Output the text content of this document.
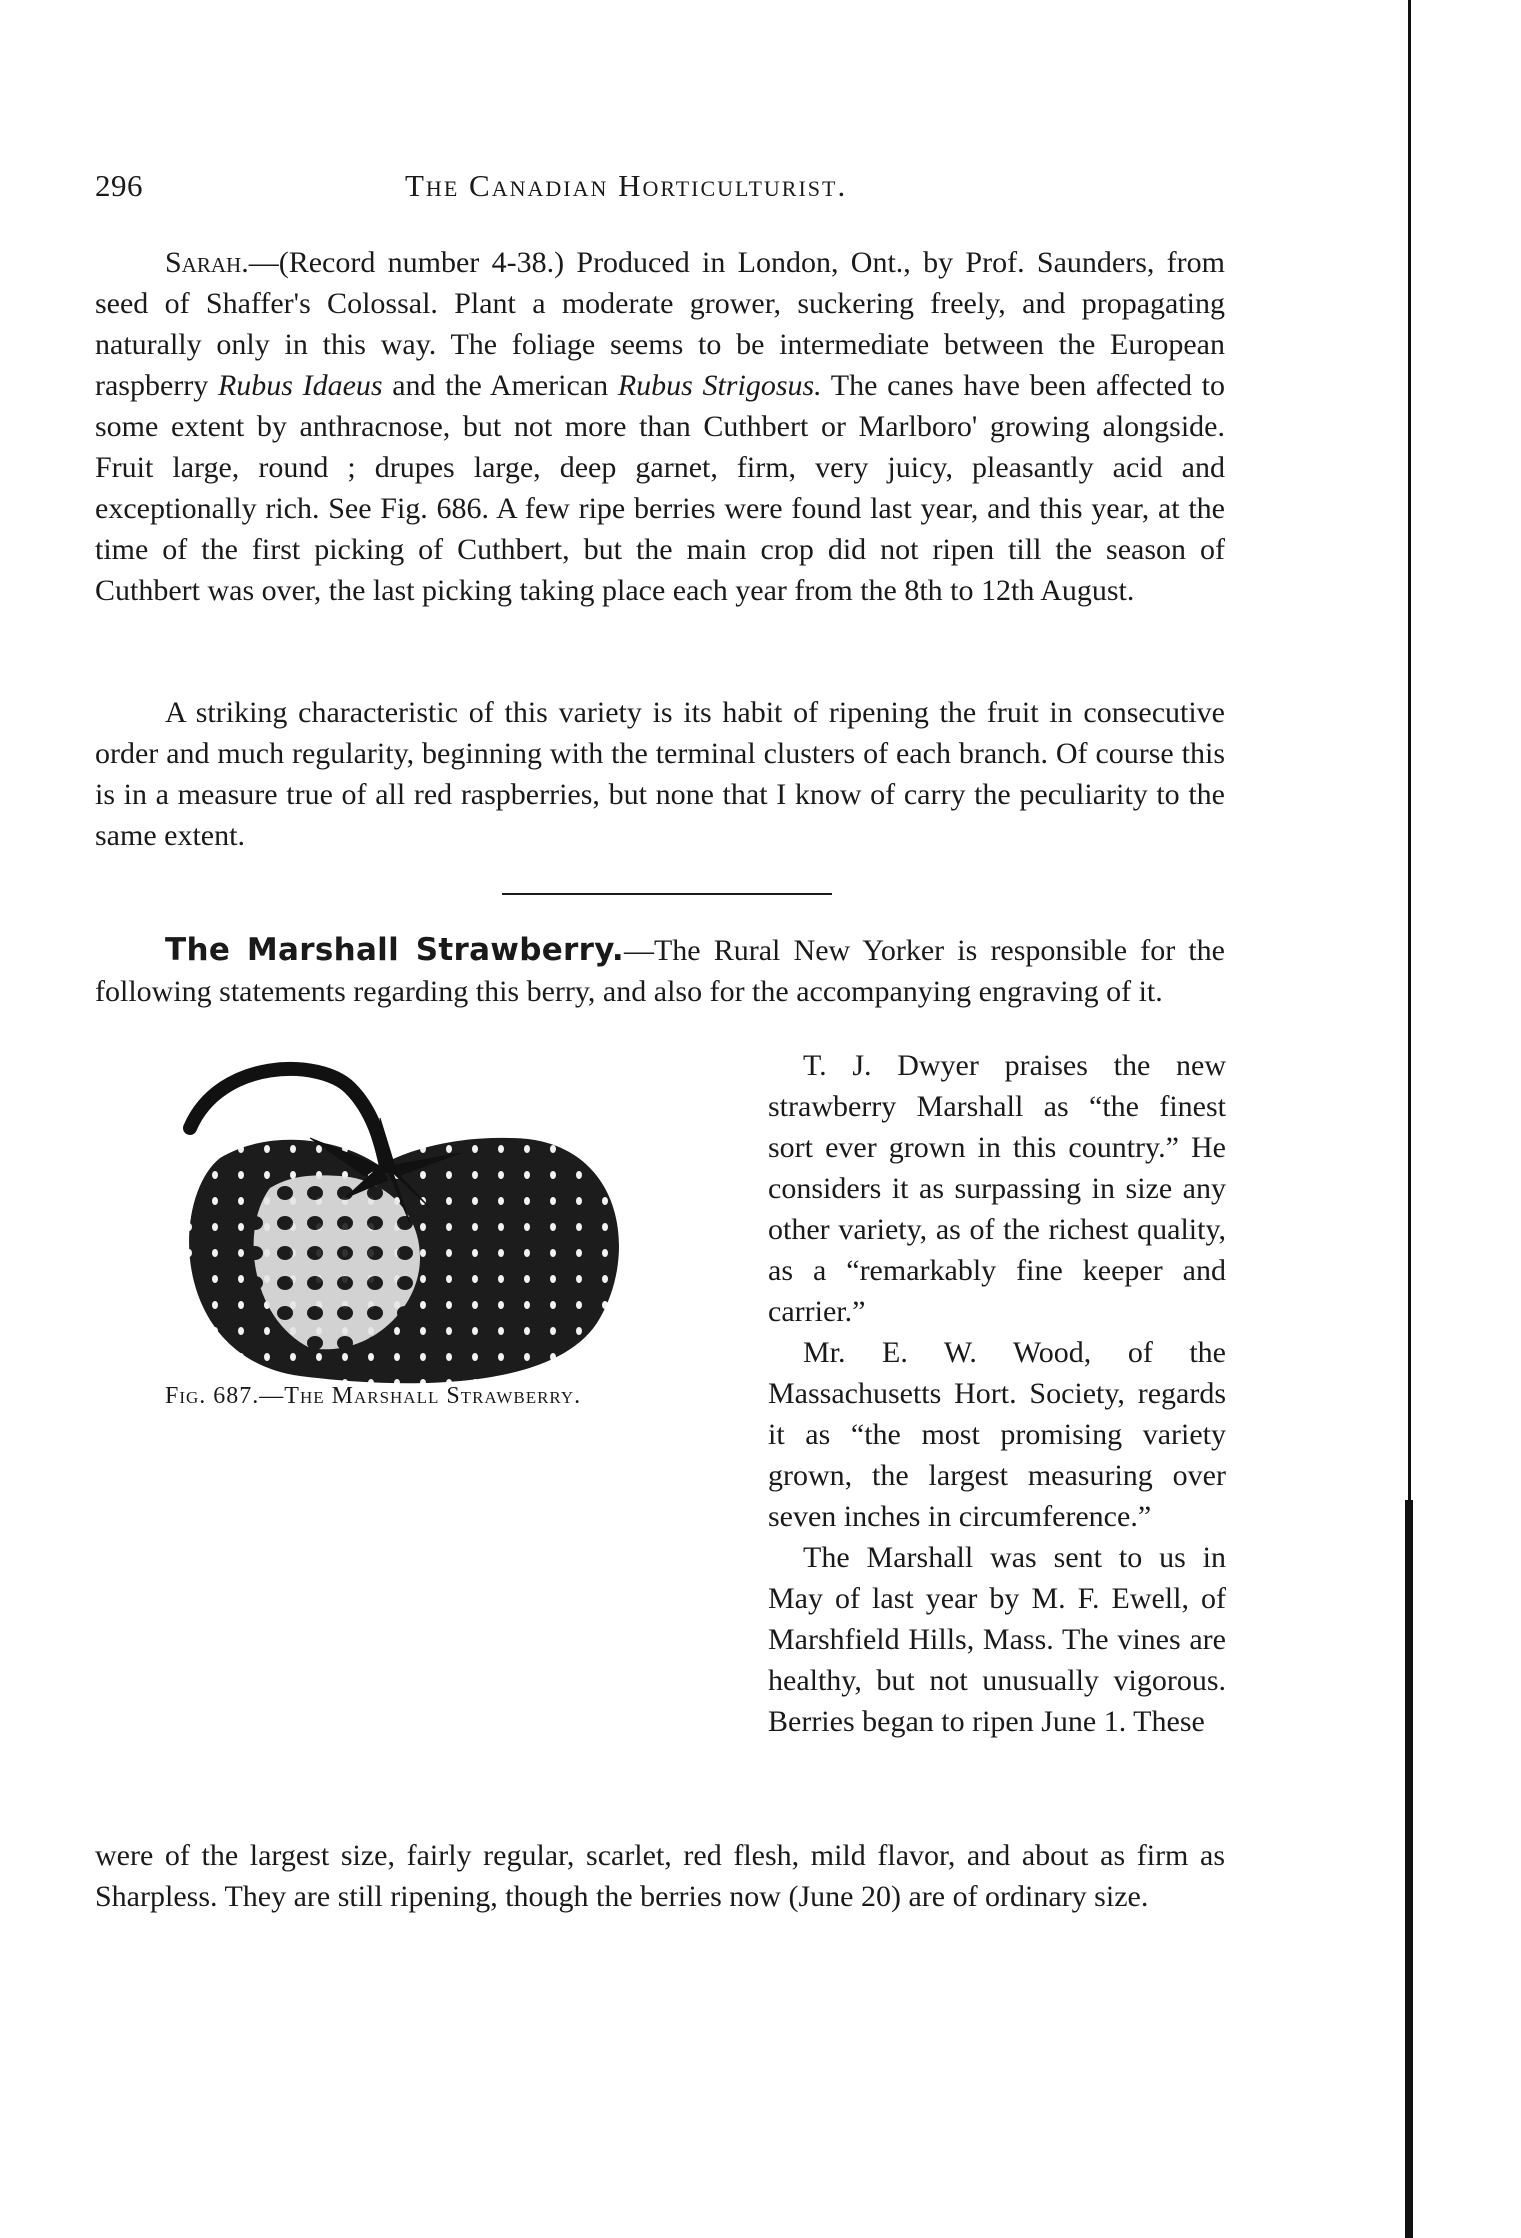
296	The Canadian Horticulturist.

Sarah.—(Record number 4-38.) Produced in London, Ont., by Prof. Saunders, from seed of Shaffer's Colossal. Plant a moderate grower, suckering freely, and propagating naturally only in this way. The foliage seems to be intermediate between the European raspberry Rubus Idaeus and the American Rubus Strigosus. The canes have been affected to some extent by anthracnose, but not more than Cuthbert or Marlboro' growing alongside. Fruit large, round ; drupes large, deep garnet, firm, very juicy, pleasantly acid and exceptionally rich. See Fig. 686. A few ripe berries were found last year, and this year, at the time of the first picking of Cuthbert, but the main crop did not ripen till the season of Cuthbert was over, the last picking taking place each year from the 8th to 12th August.

A striking characteristic of this variety is its habit of ripening the fruit in consecutive order and much regularity, beginning with the terminal clusters of each branch. Of course this is in a measure true of all red raspberries, but none that I know of carry the peculiarity to the same extent.

The Marshall Strawberry.—The Rural New Yorker is responsible for the following statements regarding this berry, and also for the accompanying engraving of it.

Fig. 687.—The Marshall Strawberry.

T. J. Dwyer praises the new strawberry Marshall as “the finest sort ever grown in this country.” He considers it as surpassing in size any other variety, as of the richest quality, as a “remarkably fine keeper and carrier.”

Mr. E. W. Wood, of the Massachusetts Hort. Society, regards it as “the most promising variety grown, the largest measuring over seven inches in circumference.”

The Marshall was sent to us in May of last year by M. F. Ewell, of Marshfield Hills, Mass. The vines are healthy, but not unusually vigorous. Berries began to ripen June 1. These

were of the largest size, fairly regular, scarlet, red flesh, mild flavor, and about as firm as Sharpless. They are still ripening, though the berries now (June 20) are of ordinary size.
